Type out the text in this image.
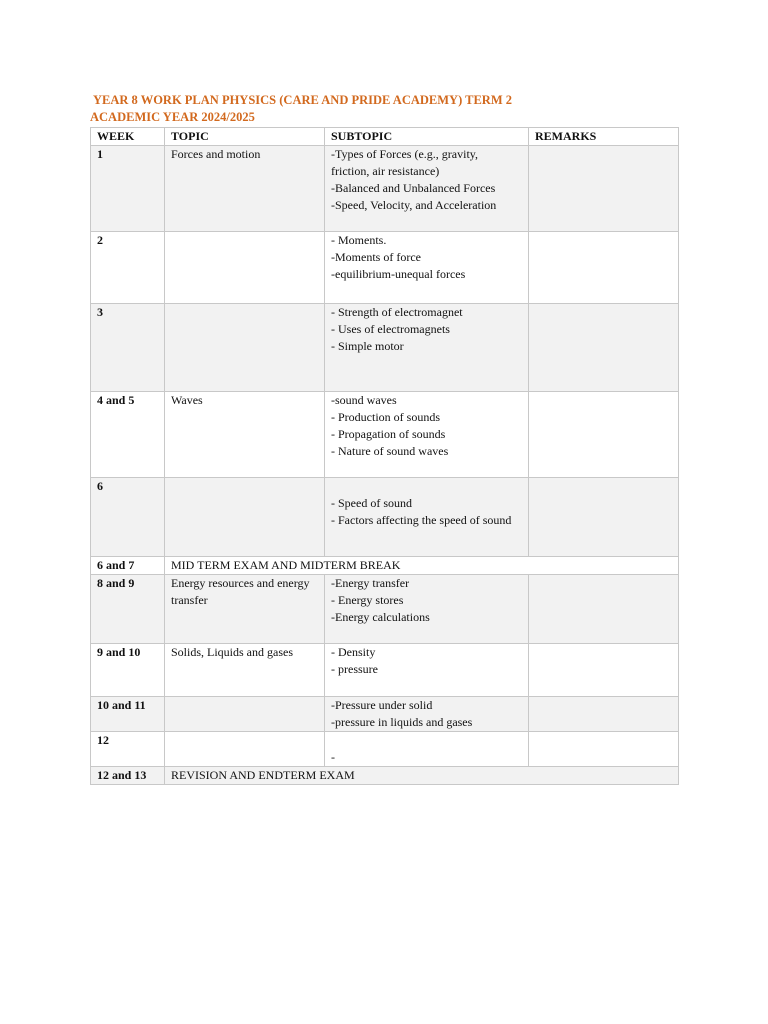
YEAR 8 WORK PLAN PHYSICS (CARE AND PRIDE ACADEMY) TERM 2
ACADEMIC YEAR 2024/2025
WEEK	TOPIC	SUBTOPIC	REMARKS
1	Forces and motion	-Types of Forces (e.g., gravity,
friction, air resistance)
-Balanced and Unbalanced Forces
-Speed, Velocity, and Acceleration	

2		- Moments.
-Moments of force
-equilibrium-unequal forces	

3		- Strength of electromagnet
- Uses of electromagnets
- Simple motor	

4 and 5	Waves	-sound waves
- Production of sounds
- Propagation of sounds
- Nature of sound waves	

6		- Speed of sound
- Factors affecting the speed of sound	

6 and 7	MID TERM EXAM AND MIDTERM BREAK		
8 and 9	Energy resources and energy transfer	-Energy transfer
- Energy stores
-Energy calculations	

9 and 10	Solids, Liquids and gases	- Density
- pressure	

10 and 11		-Pressure under solid
-pressure in liquids and gases	

12		-	

12 and 13	REVISION AND ENDTERM EXAM		
